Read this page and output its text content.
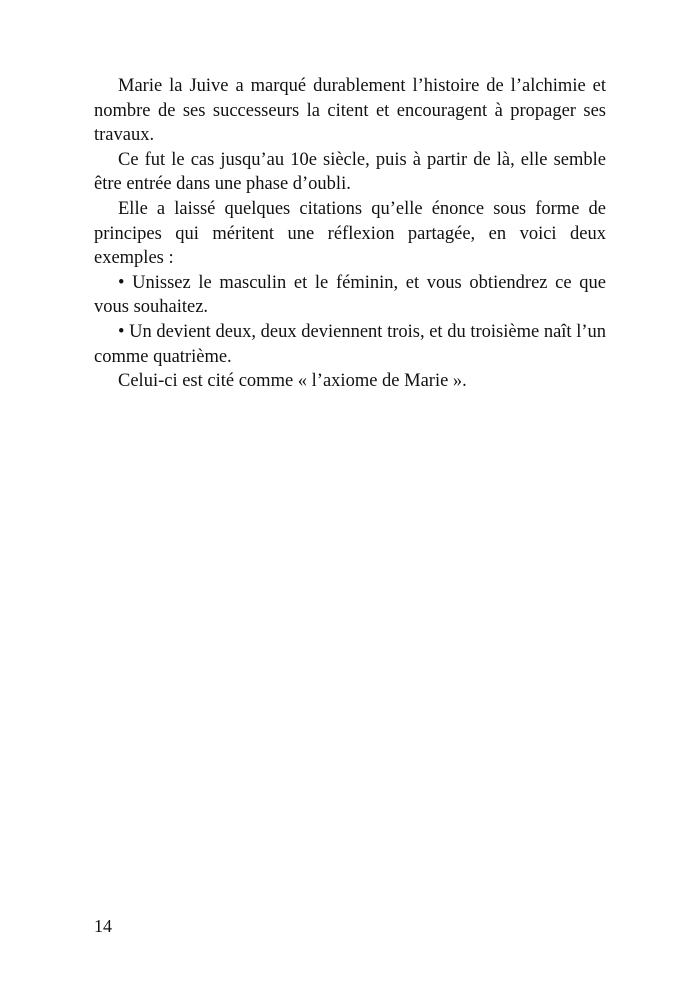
Marie la Juive a marqué durablement l’histoire de l’alchimie et nombre de ses successeurs la citent et encouragent à propager ses travaux.

Ce fut le cas jusqu’au 10e siècle, puis à partir de là, elle semble être entrée dans une phase d’oubli.

Elle a laissé quelques citations qu’elle énonce sous forme de principes qui méritent une réflexion partagée, en voici deux exemples :

• Unissez le masculin et le féminin, et vous obtiendrez ce que vous souhaitez.

• Un devient deux, deux deviennent trois, et du troisième naît l’un comme quatrième.

Celui-ci est cité comme « l’axiome de Marie ».

14
